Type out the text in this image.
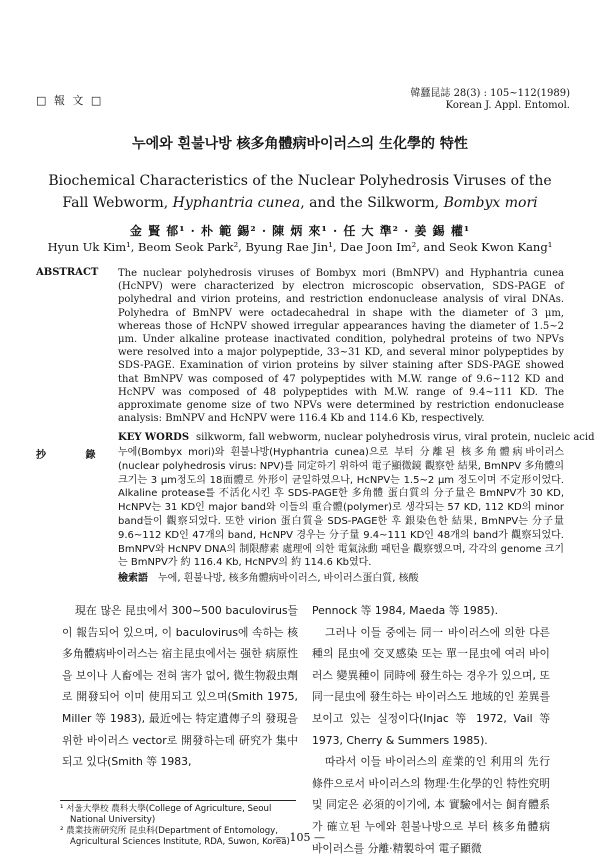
□ 報 文 □
韓蠶昆誌 28(3) : 105~112(1989)
Korean J. Appl. Entomol.
누에와 흰불나방 核多角體病바이러스의 生化學的 特性
Biochemical Characteristics of the Nuclear Polyhedrosis Viruses of the
Fall Webworm, Hyphantria cunea, and the Silkworm, Bombyx mori
金 賢 郁¹ · 朴 範 錫² · 陳 炳 來¹ · 任 大 準² · 姜 錫 權¹
Hyun Uk Kim¹, Beom Seok Park², Byung Rae Jin¹, Dae Joon Im², and Seok Kwon Kang¹
ABSTRACT The nuclear polyhedrosis viruses of Bombyx mori (BmNPV) and Hyphantria cunea (HcNPV) were characterized by electron microscopic observation, SDS-PAGE of polyhedral and virion proteins, and restriction endonuclease analysis of viral DNAs. Polyhedra of BmNPV were octadecahedral in shape with the diameter of 3 μm, whereas those of HcNPV showed irregular appearances having the diameter of 1.5~2 μm. Under alkaline protease inactivated condition, polyhedral proteins of two NPVs were resolved into a major polypeptide, 33~31 KD, and several minor polypeptides by SDS-PAGE. Examination of virion proteins by silver staining after SDS-PAGE showed that BmNPV was composed of 47 polypeptides with M.W. range of 9.6~112 KD and HcNPV was composed of 48 polypeptides with M.W. range of 9.4~111 KD. The approximate genome size of two NPVs were determined by restriction endonuclease analysis: BmNPV and HcNPV were 116.4 Kb and 114.6 Kb, respectively.
KEY WORDS silkworm, fall webworm, nuclear polyhedrosis virus, viral protein, nucleic acid
抄 錄 누에(Bombyx mori)와 흰불나방(Hyphantria cunea)으로 부터 分離된 核多角體病바이러스(nuclear polyhedrosis virus: NPV)를 同定하기 위하여 電子顯微鏡 觀察한 結果, BmNPV 多角體의 크기는 3 μm정도의 18面體로 外形이 균일하였으나, HcNPV는 1.5~2 μm 정도이며 不定形이었다. Alkaline protease를 不活化시킨 후 SDS-PAGE한 多角體 蛋白質의 分子量은 BmNPV가 30 KD, HcNPV는 31 KD인 major band와 이들의 重合體(polymer)로 생각되는 57 KD, 112 KD의 minor band들이 觀察되었다. 또한 virion 蛋白質을 SDS-PAGE한 후 銀染色한 結果, BmNPV는 分子量 9.6~112 KD인 47개의 band, HcNPV 경우는 分子量 9.4~111 KD인 48개의 band가 觀察되었다. BmNPV와 HcNPV DNA의 制限酵素 處理에 의한 電氣泳動 패턴을 觀察했으며, 각각의 genome 크기는 BmNPV가 約 116.4 Kb, HcNPV의 約 114.6 Kb였다.
檢索語 누에, 흰불나방, 核多角體病바이러스, 바이러스蛋白質, 核酸
現在 많은 昆虫에서 300~500 baculovirus들이 報告되어 있으며, 이 baculovirus에 속하는 核多角體病바이러스는 宿主昆虫에서는 强한 病原性을 보이나 人畜에는 전혀 害가 없어, 微生物殺虫劑로 開發되어 이미 使用되고 있으며(Smith 1975, Miller 等 1983), 最近에는 特定遺傳子의 發現을 위한 바이러스 vector로 開發하는데 硏究가 集中되고 있다(Smith 等 1983,

Pennock 等 1984, Maeda 等 1985).

그러나 이들 중에는 同一 바이러스에 의한 다른 種의 昆虫에 交叉感染 또는 單一昆虫에 여러 바이러스 變異種이 同時에 發生하는 경우가 있으며, 또 同一昆虫에 發生하는 바이러스도 地域的인 差異를 보이고 있는 실정이다(Injac 等 1972, Vail 等 1973, Cherry & Summers 1985).

따라서 이들 바이러스의 産業的인 利用의 先行條件으로서 바이러스의 物理·生化學的인 特性究明 및 同定은 必須的이기에, 本 實驗에서는 飼育體系가 確立된 누에와 흰불나방으로 부터 核多角體病바이러스를 分離·精製하여 電子顯微

¹ 서울大學校 農科大學(College of Agriculture, Seoul National University)
² 農業技術硏究所 昆虫科(Department of Entomology, Agricultural Sciences Institute, RDA, Suwon, Korea)
— 105 —
